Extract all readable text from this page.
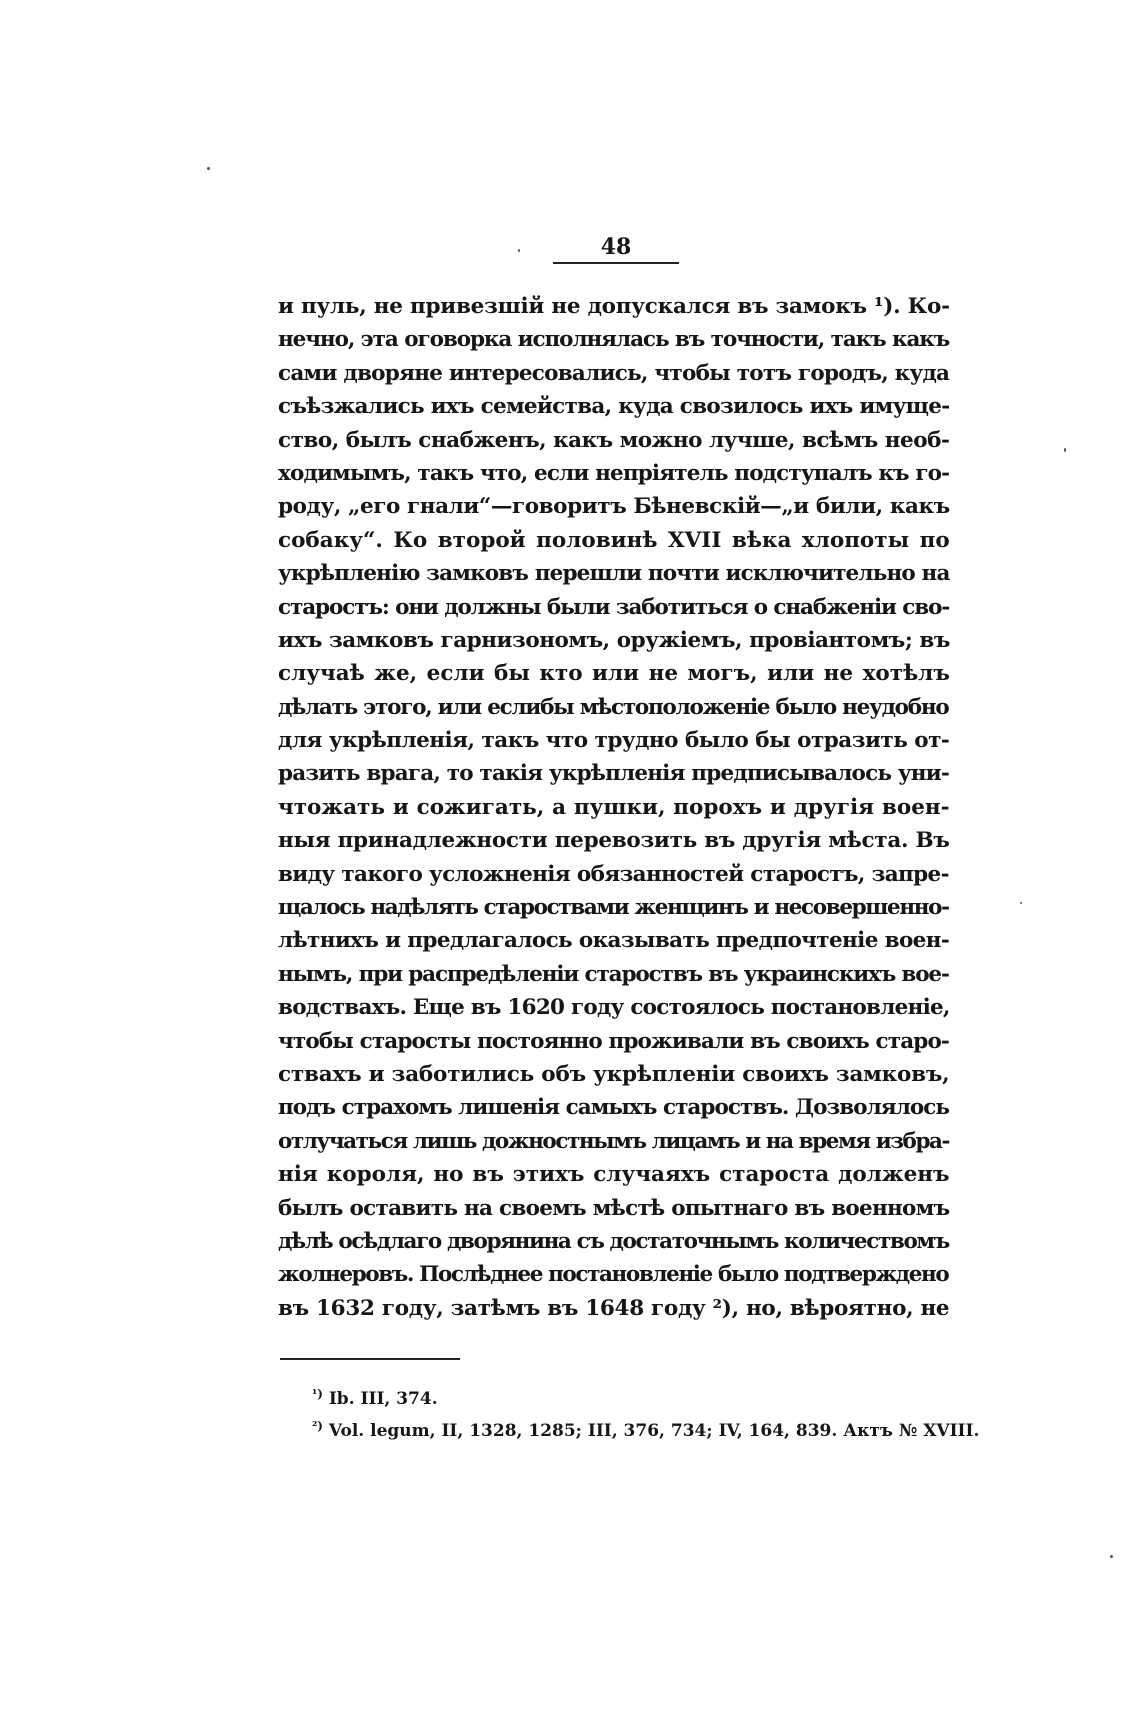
48
и пуль, не привезшій не допускался въ замокъ ¹). Ко-
нечно, эта оговорка исполнялась въ точности, такъ какъ
сами дворяне интересовались, чтобы тотъ городъ, куда
съѣзжались ихъ семейства, куда свозилось ихъ имуще-
ство, былъ снабженъ, какъ можно лучше, всѣмъ необ-
ходимымъ, такъ что, если непріятель подступалъ къ го-
роду, „его гнали“—говоритъ Бѣневскій—„и били, какъ
собаку“. Ко второй половинѣ XVII вѣка хлопоты по
укрѣпленію замковъ перешли почти исключительно на
старостъ: они должны были заботиться о снабженіи сво-
ихъ замковъ гарнизономъ, оружіемъ, провіантомъ; въ
случаѣ же, если бы кто или не могъ, или не хотѣлъ
дѣлать этого, или еслибы мѣстоположеніе было неудобно
для укрѣпленія, такъ что трудно было бы отразить от-
разить врага, то такія укрѣпленія предписывалось уни-
чтожать и сожигать, а пушки, порохъ и другія воен-
ныя принадлежности перевозить въ другія мѣста. Въ
виду такого усложненія обязанностей старостъ, запре-
щалось надѣлять староствами женщинъ и несовершенно-
лѣтнихъ и предлагалось оказывать предпочтеніе воен-
нымъ, при распредѣленіи староствъ въ украинскихъ вое-
водствахъ. Еще въ 1620 году состоялось постановленіе,
чтобы старосты постоянно проживали въ своихъ старо-
ствахъ и заботились объ укрѣпленіи своихъ замковъ,
подъ страхомъ лишенія самыхъ староствъ. Дозволялось
отлучаться лишь дожностнымъ лицамъ и на время избра-
нія короля, но въ этихъ случаяхъ староста долженъ
былъ оставить на своемъ мѣстѣ опытнаго въ военномъ
дѣлѣ осѣдлаго дворянина съ достаточнымъ количествомъ
жолнеровъ. Послѣднее постановленіе было подтверждено
въ 1632 году, затѣмъ въ 1648 году ²), но, вѣроятно, не
$^{^1)}$ Ib. III, 374.
$^{^2)}$ Vol. legum, II, 1328, 1285; III, 376, 734; IV, 164, 839. Актъ № XVIII.
